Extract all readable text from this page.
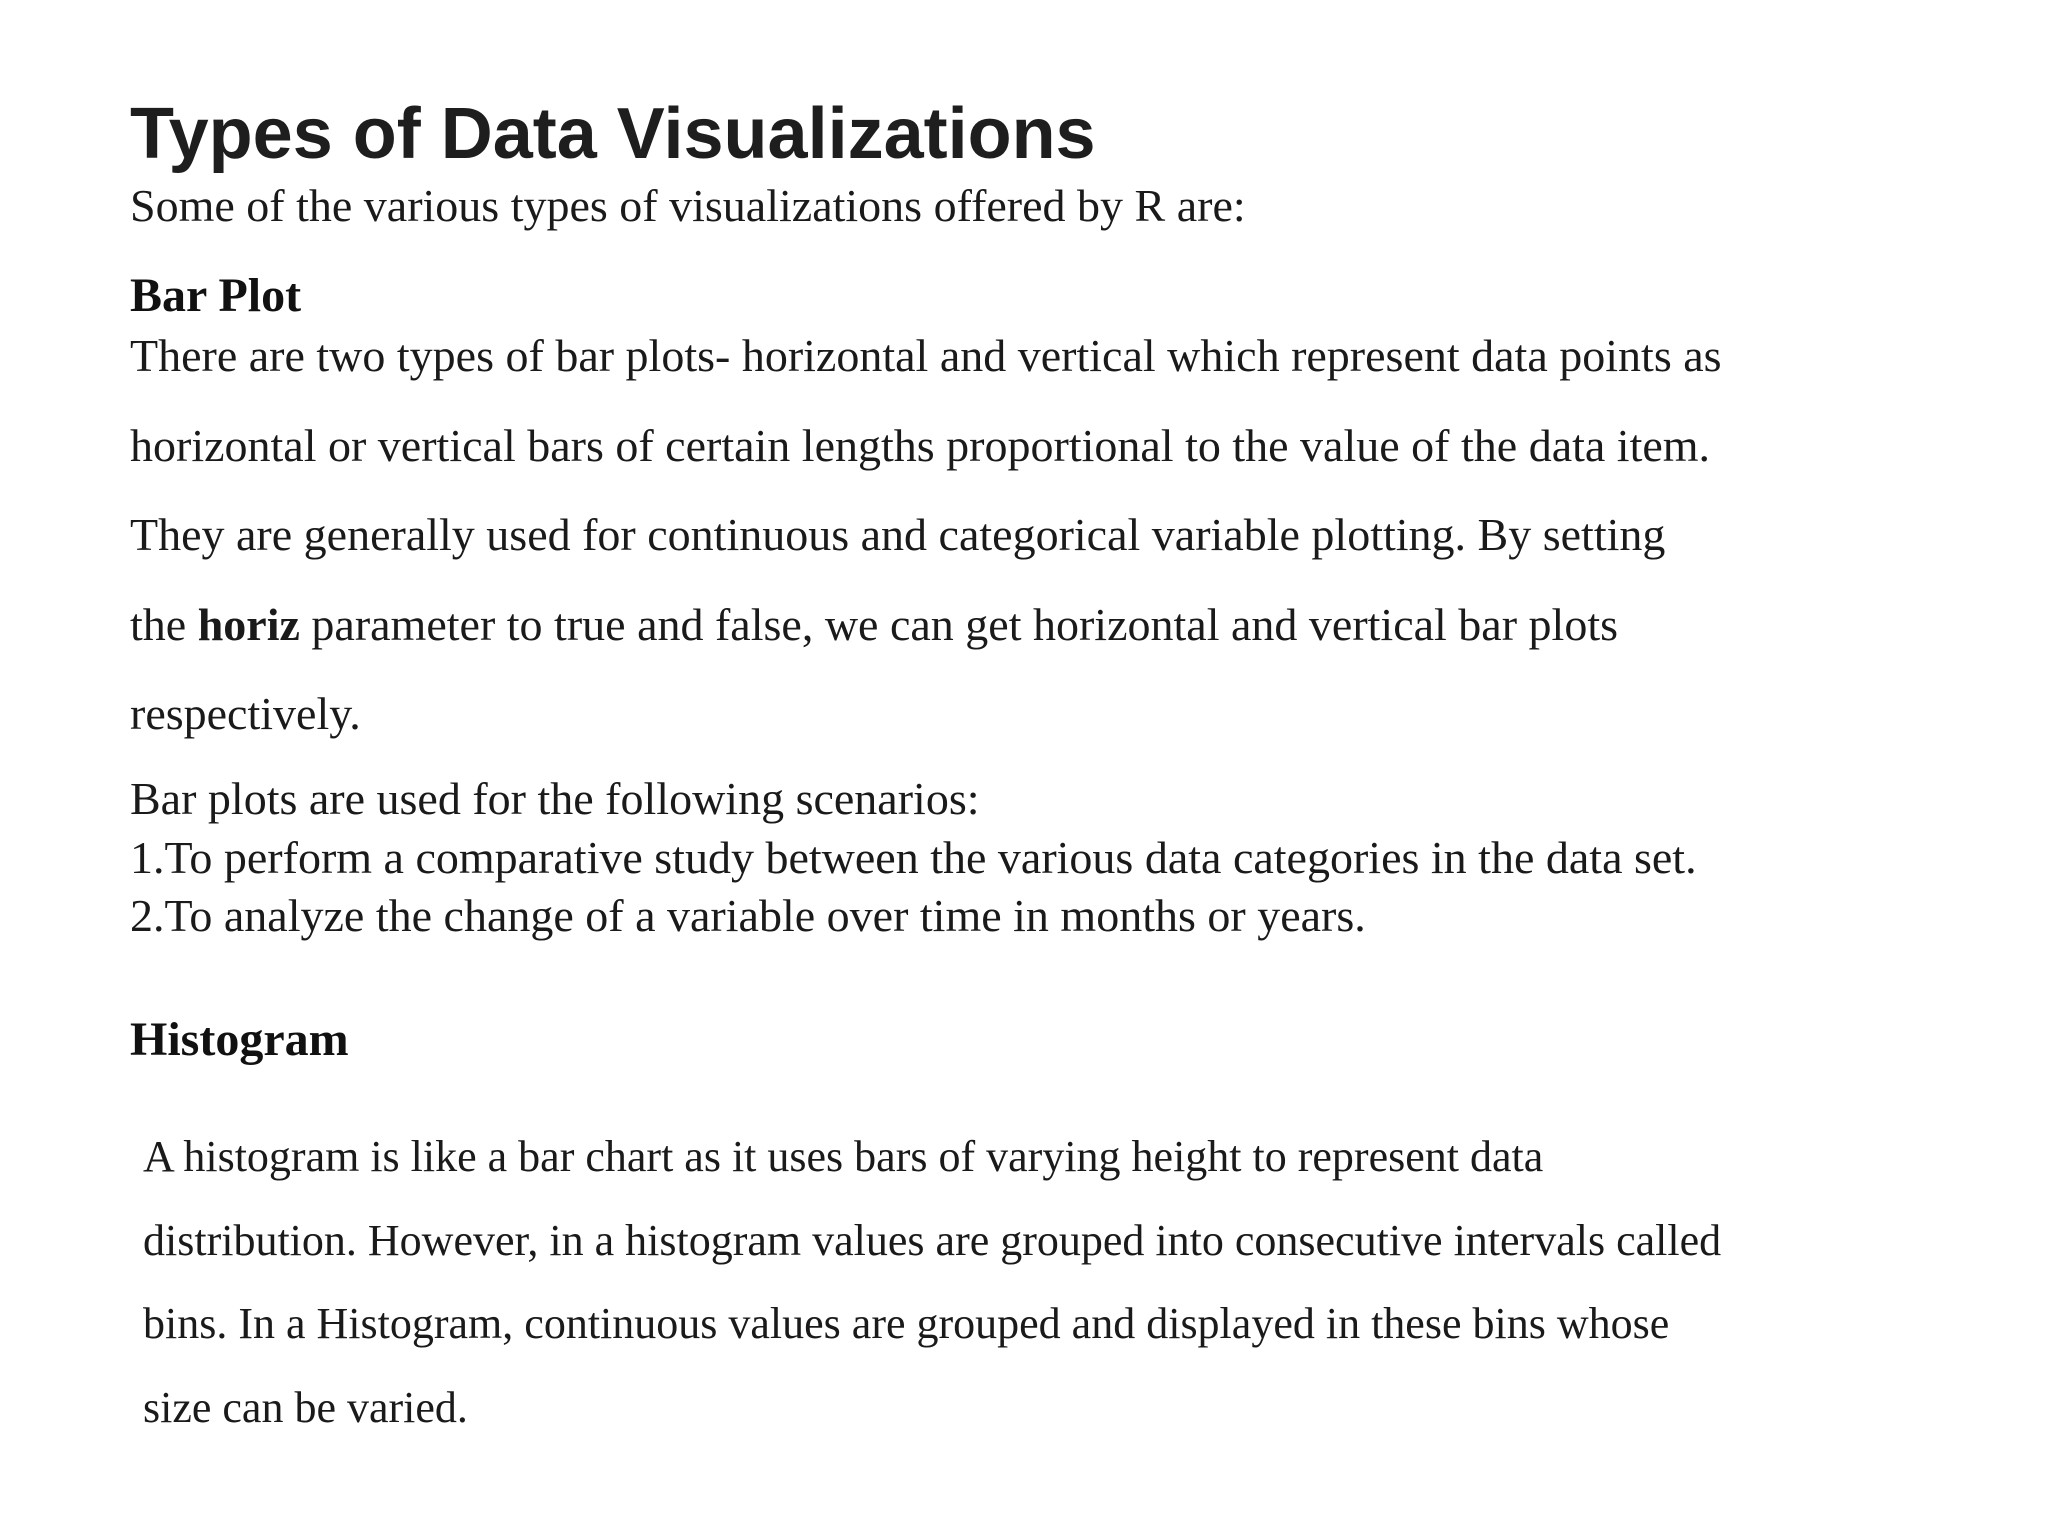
Types of Data Visualizations

Some of the various types of visualizations offered by R are:

Bar Plot
There are two types of bar plots- horizontal and vertical which represent data points as
horizontal or vertical bars of certain lengths proportional to the value of the data item.
They are generally used for continuous and categorical variable plotting. By setting
the horiz parameter to true and false, we can get horizontal and vertical bar plots
respectively.
Bar plots are used for the following scenarios:
1.To perform a comparative study between the various data categories in the data set.
2.To analyze the change of a variable over time in months or years.
Histogram
A histogram is like a bar chart as it uses bars of varying height to represent data
distribution. However, in a histogram values are grouped into consecutive intervals called
bins. In a Histogram, continuous values are grouped and displayed in these bins whose
size can be varied.
